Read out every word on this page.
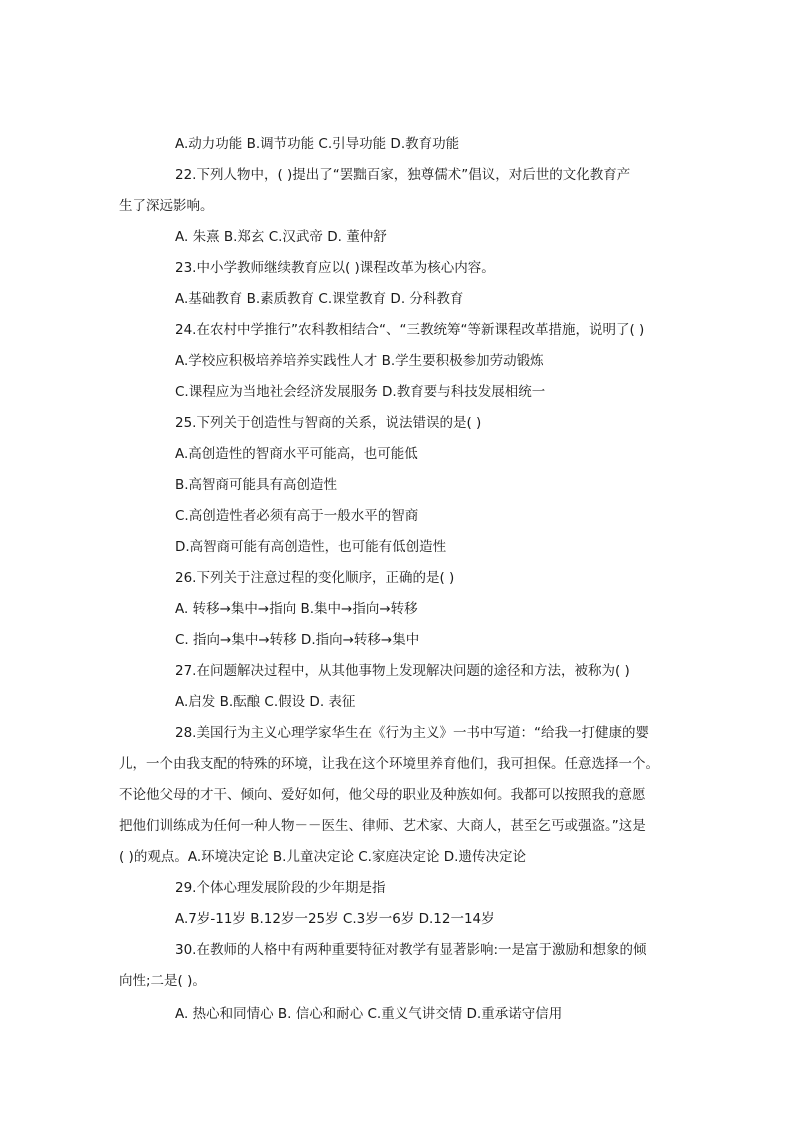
A.动力功能 B.调节功能 C.引导功能 D.教育功能
22.下列人物中，( )提出了“罢黜百家，独尊儒术”倡议，对后世的文化教育产
生了深远影响。
A. 朱熹 B.郑玄 C.汉武帝 D. 董仲舒
23.中小学教师继续教育应以( )课程改革为核心内容。
A.基础教育 B.素质教育 C.课堂教育 D. 分科教育
24.在农村中学推行”农科教相结合“、“三教统筹“等新课程改革措施，说明了( )
A.学校应积极培养培养实践性人才 B.学生要积极参加劳动锻炼
C.课程应为当地社会经济发展服务 D.教育要与科技发展相统一
25.下列关于创造性与智商的关系，说法错误的是( )
A.高创造性的智商水平可能高，也可能低
B.高智商可能具有高创造性
C.高创造性者必须有高于一般水平的智商
D.高智商可能有高创造性，也可能有低创造性
26.下列关于注意过程的变化顺序，正确的是( )
A. 转移→集中→指向 B.集中→指向→转移
C. 指向→集中→转移 D.指向→转移→集中
27.在问题解决过程中，从其他事物上发现解决问题的途径和方法，被称为( )
A.启发 B.酝酿 C.假设 D. 表征
28.美国行为主义心理学家华生在《行为主义》一书中写道：“给我一打健康的婴
儿，一个由我支配的特殊的环境，让我在这个环境里养育他们，我可担保。任意选择一个。
不论他父母的才干、倾向、爱好如何，他父母的职业及种族如何。我都可以按照我的意愿
把他们训练成为任何一种人物－－医生、律师、艺术家、大商人，甚至乞丐或强盗。”这是
( )的观点。A.环境决定论 B.儿童决定论 C.家庭决定论 D.遗传决定论
29.个体心理发展阶段的少年期是指
A.7岁-11岁 B.12岁一25岁 C.3岁一6岁 D.12一14岁
30.在教师的人格中有两种重要特征对教学有显著影响:一是富于激励和想象的倾
向性;二是( )。
A. 热心和同情心 B. 信心和耐心 C.重义气讲交情 D.重承诺守信用
